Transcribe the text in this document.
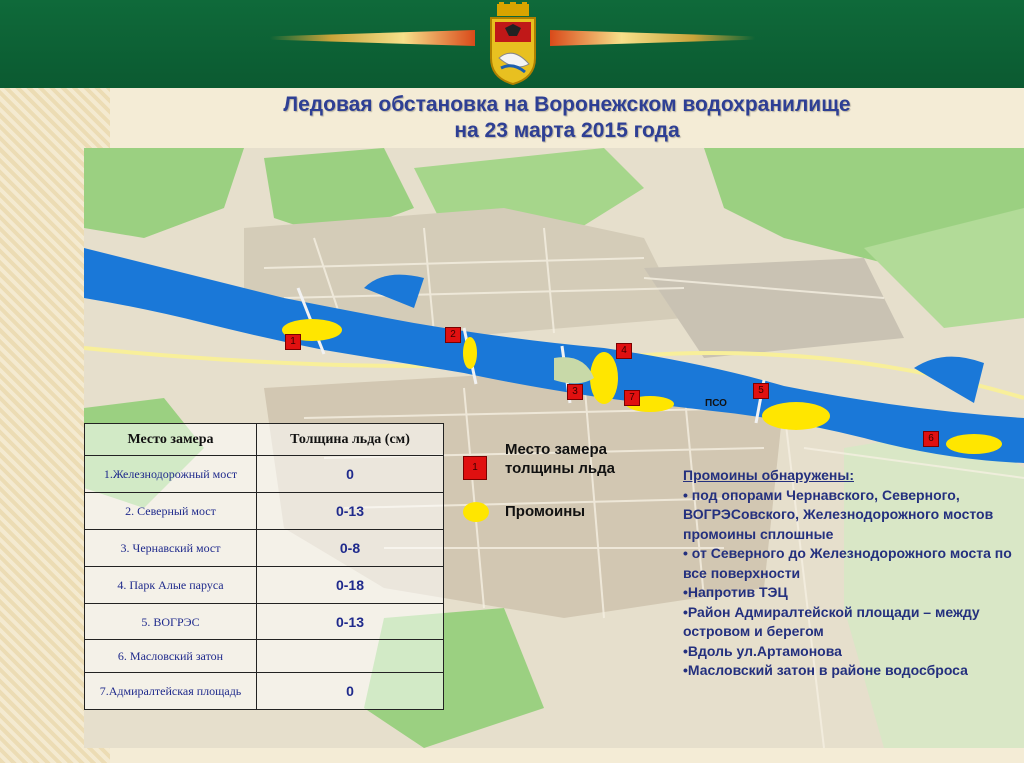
Ледовая обстановка на Воронежском водохранилище
на 23 марта 2015 года
1
2
3
4
5
6
7
ПСО
Место замера	Толщина льда (см)
1.Железнодорожный мост	0
2. Северный мост	0-13
3. Чернавский мост	0-8
4. Парк Алые паруса	0-18
5. ВОГРЭС	0-13
6. Масловский затон	
7.Адмиралтейская площадь	0
1
Место замера толщины льда
Промоины
Промоины обнаружены:
• под опорами Чернавского, Северного, ВОГРЭСовского, Железнодорожного мостов промоины сплошные
• от Северного до Железнодорожного моста по все поверхности
•Напротив ТЭЦ
•Район Адмиралтейской площади – между островом и берегом
•Вдоль ул.Артамонова
•Масловский затон в районе водосброса
